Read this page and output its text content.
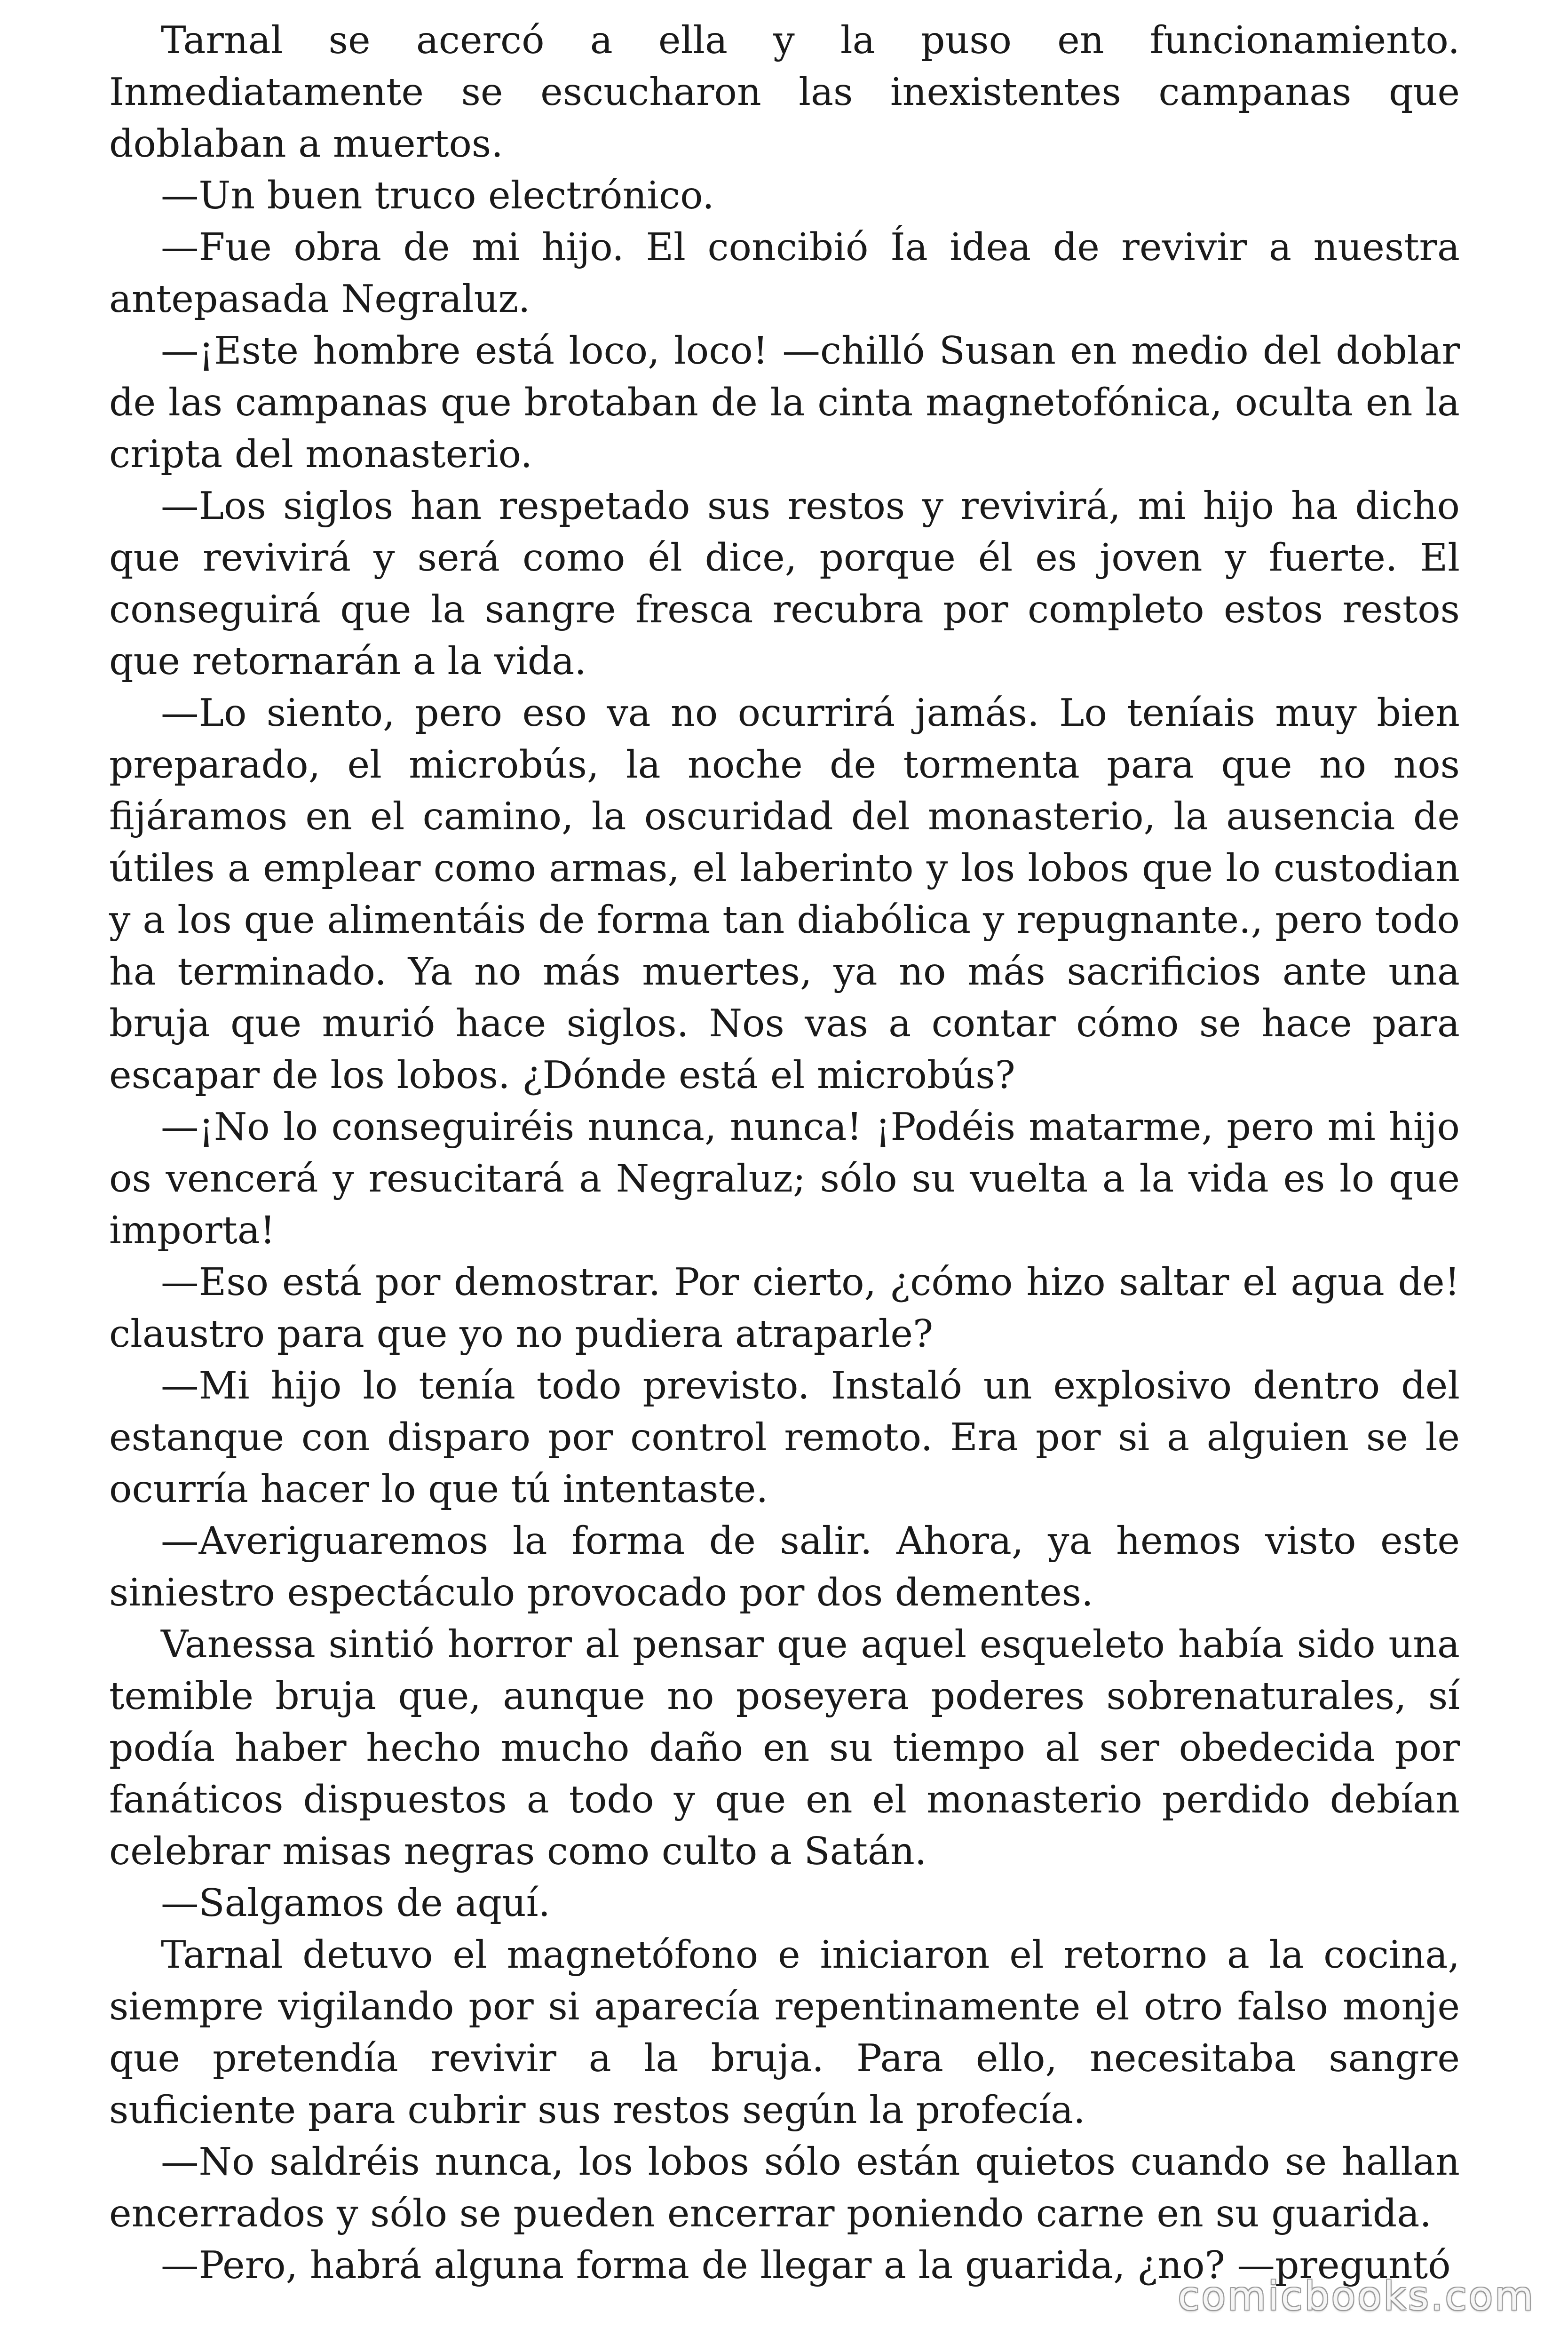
Tarnal se acercó a ella y la puso en funcionamiento. Inmediatamente se escucharon las inexistentes campanas que doblaban a muertos.

—Un buen truco electrónico.

—Fue obra de mi hijo. El concibió Ía idea de revivir a nuestra antepasada Negraluz.

—¡Este hombre está loco, loco! —chilló Susan en medio del doblar de las campanas que brotaban de la cinta magnetofónica, oculta en la cripta del monasterio.

—Los siglos han respetado sus restos y revivirá, mi hijo ha dicho que revivirá y será como él dice, porque él es joven y fuerte. El conseguirá que la sangre fresca recubra por completo estos restos que retornarán a la vida.

—Lo siento, pero eso va no ocurrirá jamás. Lo teníais muy bien preparado, el microbús, la noche de tormenta para que no nos fijáramos en el camino, la oscuridad del monasterio, la ausencia de útiles a emplear como armas, el laberinto y los lobos que lo custodian y a los que alimentáis de forma tan diabólica y repugnante., pero todo ha terminado. Ya no más muertes, ya no más sacrificios ante una bruja que murió hace siglos. Nos vas a contar cómo se hace para escapar de los lobos. ¿Dónde está el microbús?

—¡No lo conseguiréis nunca, nunca! ¡Podéis matarme, pero mi hijo os vencerá y resucitará a Negraluz; sólo su vuelta a la vida es lo que importa!

—Eso está por demostrar. Por cierto, ¿cómo hizo saltar el agua de! claustro para que yo no pudiera atraparle?

—Mi hijo lo tenía todo previsto. Instaló un explosivo dentro del estanque con disparo por control remoto. Era por si a alguien se le ocurría hacer lo que tú intentaste.

—Averiguaremos la forma de salir. Ahora, ya hemos visto este siniestro espectáculo provocado por dos dementes.

Vanessa sintió horror al pensar que aquel esqueleto había sido una temible bruja que, aunque no poseyera poderes sobrenaturales, sí podía haber hecho mucho daño en su tiempo al ser obedecida por fanáticos dispuestos a todo y que en el monasterio perdido debían celebrar misas negras como culto a Satán.

—Salgamos de aquí.

Tarnal detuvo el magnetófono e iniciaron el retorno a la cocina, siempre vigilando por si aparecía repentinamente el otro falso monje que pretendía revivir a la bruja. Para ello, necesitaba sangre suficiente para cubrir sus restos según la profecía.

—No saldréis nunca, los lobos sólo están quietos cuando se hallan encerrados y sólo se pueden encerrar poniendo carne en su guarida.

—Pero, habrá alguna forma de llegar a la guarida, ¿no? —preguntó

comicbooks.com
